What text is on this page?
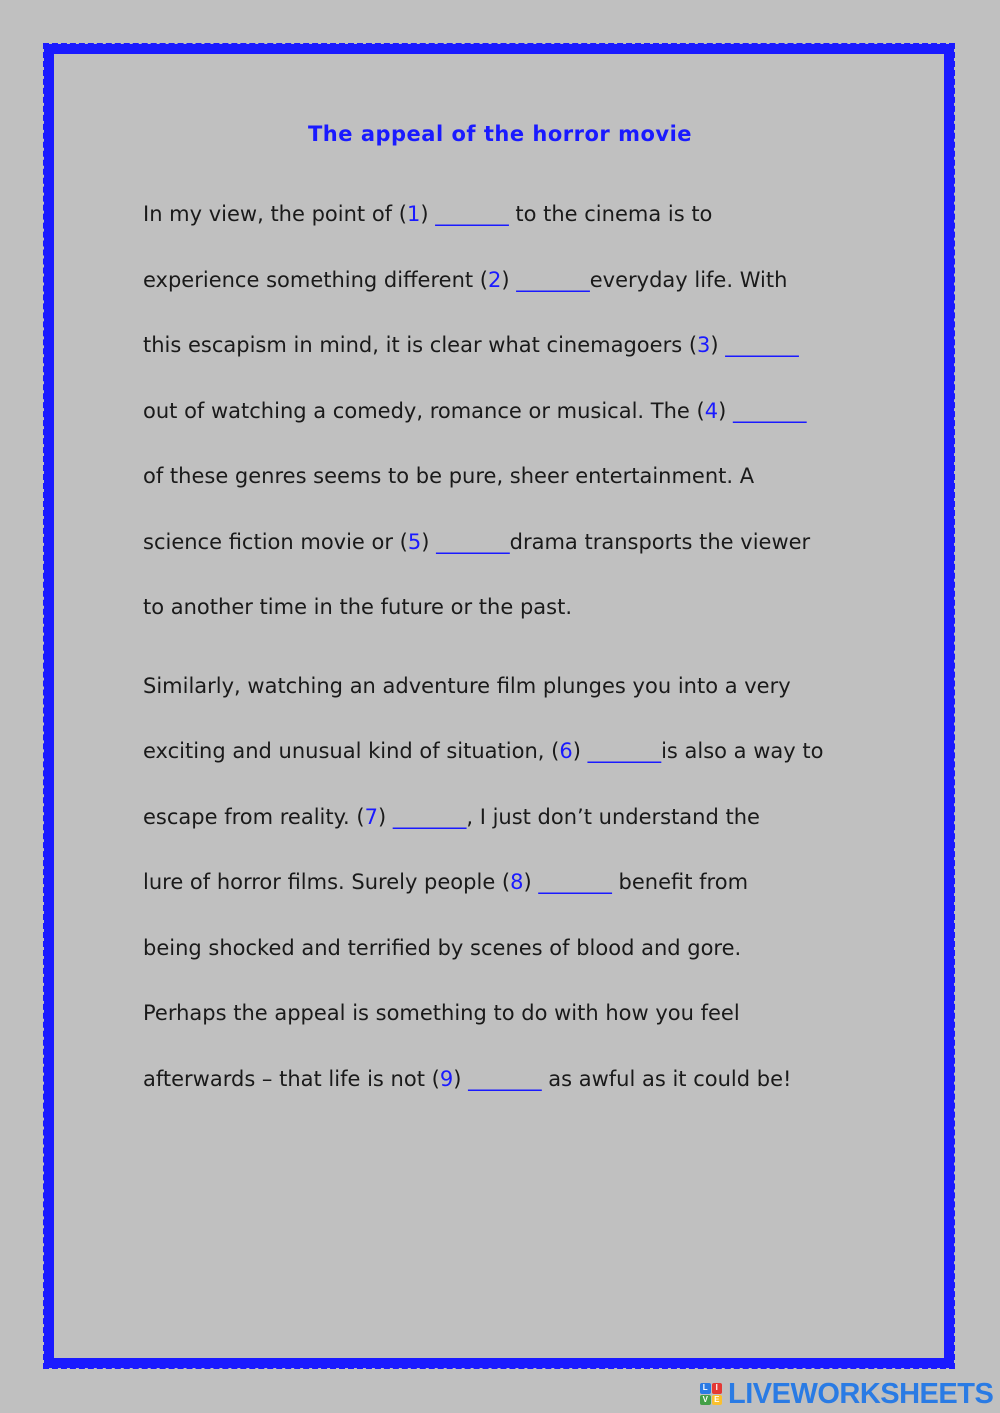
The appeal of the horror movie
In my view, the point of (1) _______ to the cinema is to
experience something different (2) _______everyday life. With
this escapism in mind, it is clear what cinemagoers (3) _______
out of watching a comedy, romance or musical. The (4) _______
of these genres seems to be pure, sheer entertainment. A
science fiction movie or (5) _______drama transports the viewer
to another time in the future or the past.
Similarly, watching an adventure film plunges you into a very
exciting and unusual kind of situation, (6) _______is also a way to
escape from reality. (7) _______, I just don’t understand the
lure of horror films. Surely people (8) _______ benefit from
being shocked and terrified by scenes of blood and gore.
Perhaps the appeal is something to do with how you feel
afterwards – that life is not (9) _______ as awful as it could be!
L I
V E LIVEWORKSHEETS
